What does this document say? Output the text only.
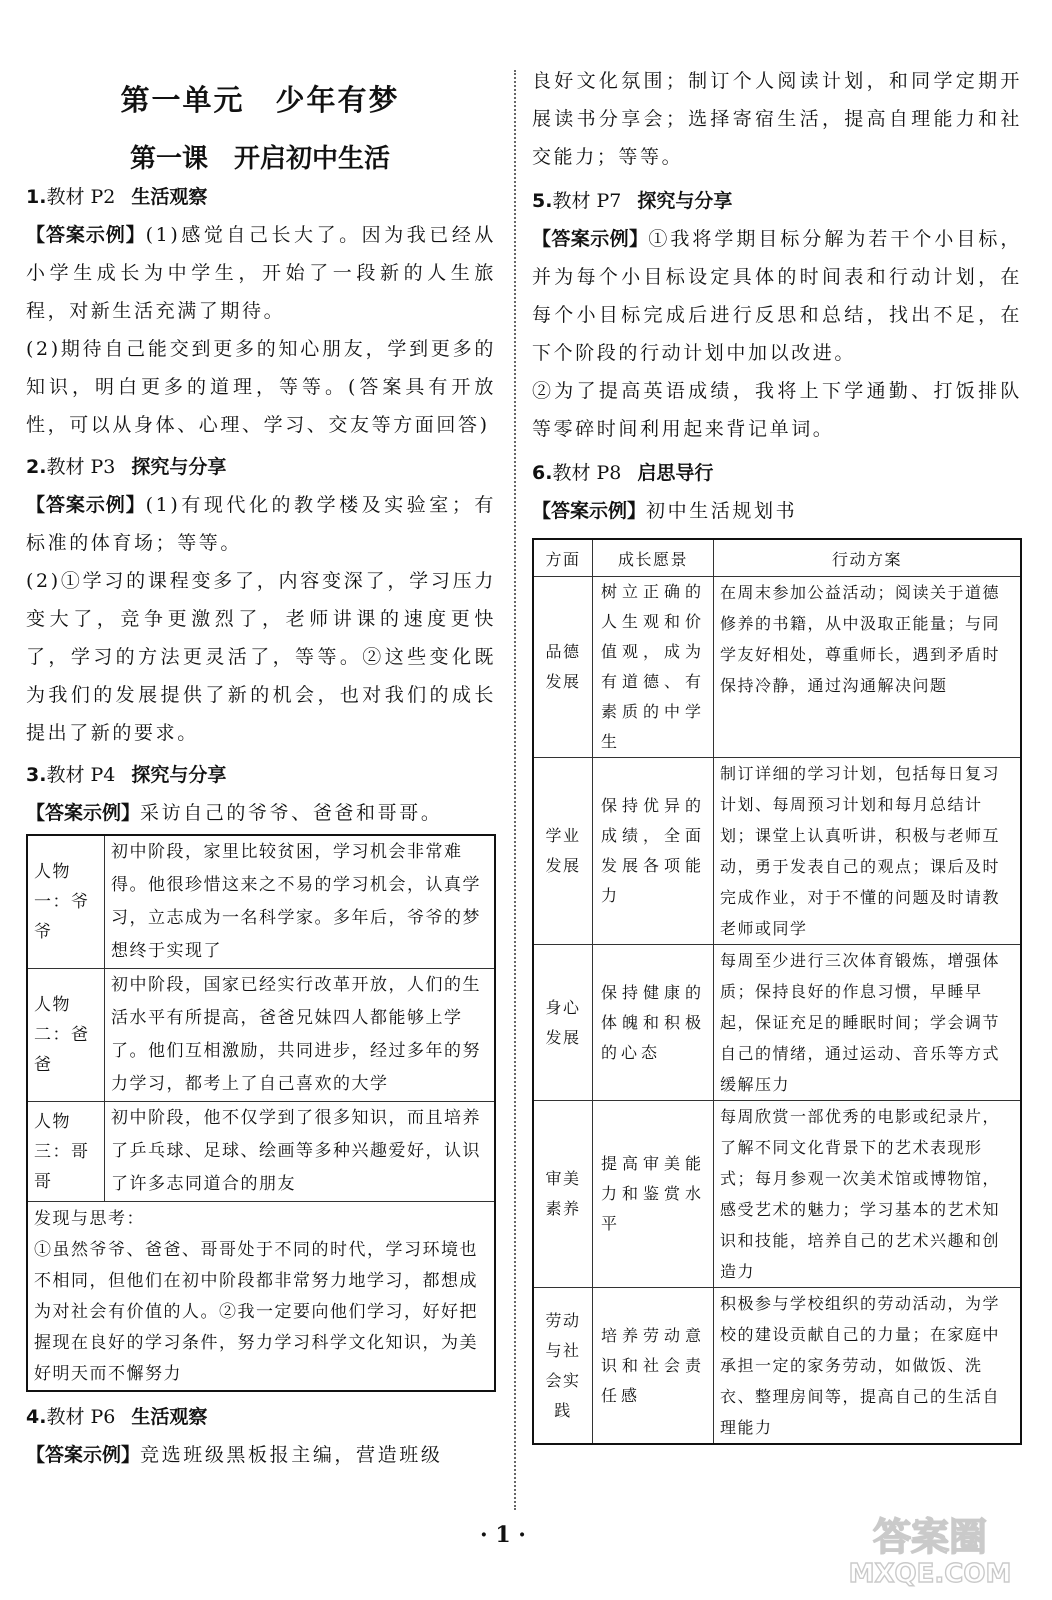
第一单元　少年有梦
第一课　开启初中生活
1.教材 P2 生活观察

【答案示例】(1)感觉自己长大了。因为我已经从小学生成长为中学生，开始了一段新的人生旅程，对新生活充满了期待。

(2)期待自己能交到更多的知心朋友，学到更多的知识，明白更多的道理，等等。(答案具有开放性，可以从身体、心理、学习、交友等方面回答)

2.教材 P3 探究与分享

【答案示例】(1)有现代化的教学楼及实验室；有标准的体育场；等等。

(2)①学习的课程变多了，内容变深了，学习压力变大了，竞争更激烈了，老师讲课的速度更快了，学习的方法更灵活了，等等。②这些变化既为我们的发展提供了新的机会，也对我们的成长提出了新的要求。

3.教材 P4 探究与分享

【答案示例】采访自己的爷爷、爸爸和哥哥。

人物一：爷爷	初中阶段，家里比较贫困，学习机会非常难得。他很珍惜这来之不易的学习机会，认真学习，立志成为一名科学家。多年后，爷爷的梦想终于实现了
人物二：爸爸	初中阶段，国家已经实行改革开放，人们的生活水平有所提高，爸爸兄妹四人都能够上学了。他们互相激励，共同进步，经过多年的努力学习，都考上了自己喜欢的大学
人物三：哥哥	初中阶段，他不仅学到了很多知识，而且培养了乒乓球、足球、绘画等多种兴趣爱好，认识了许多志同道合的朋友

发现与思考：
①虽然爷爷、爸爸、哥哥处于不同的时代，学习环境也不相同，但他们在初中阶段都非常努力地学习，都想成为对社会有价值的人。②我一定要向他们学习，好好把握现在良好的学习条件，努力学习科学文化知识，为美好明天而不懈努力	
4.教材 P6 生活观察

【答案示例】竞选班级黑板报主编，营造班级

良好文化氛围；制订个人阅读计划，和同学定期开展读书分享会；选择寄宿生活，提高自理能力和社交能力；等等。

5.教材 P7 探究与分享

【答案示例】①我将学期目标分解为若干个小目标，并为每个小目标设定具体的时间表和行动计划，在每个小目标完成后进行反思和总结，找出不足，在下个阶段的行动计划中加以改进。

②为了提高英语成绩，我将上下学通勤、打饭排队等零碎时间利用起来背记单词。

6.教材 P8 启思导行

【答案示例】初中生活规划书

方面	成长愿景	行动方案
品德发展	树立正确的人生观和价值观，成为有道德、有素质的中学生	在周末参加公益活动；阅读关于道德修养的书籍，从中汲取正能量；与同学友好相处，尊重师长，遇到矛盾时保持冷静，通过沟通解决问题
学业发展	保持优异的成绩，全面发展各项能力	制订详细的学习计划，包括每日复习计划、每周预习计划和每月总结计划；课堂上认真听讲，积极与老师互动，勇于发表自己的观点；课后及时完成作业，对于不懂的问题及时请教老师或同学
身心发展	保持健康的体魄和积极的心态	每周至少进行三次体育锻炼，增强体质；保持良好的作息习惯，早睡早起，保证充足的睡眠时间；学会调节自己的情绪，通过运动、音乐等方式缓解压力
审美素养	提高审美能力和鉴赏水平	每周欣赏一部优秀的电影或纪录片，了解不同文化背景下的艺术表现形式；每月参观一次美术馆或博物馆，感受艺术的魅力；学习基本的艺术知识和技能，培养自己的艺术兴趣和创造力
劳动与社会实践	培养劳动意识和社会责任感	积极参与学校组织的劳动活动，为学校的建设贡献自己的力量；在家庭中承担一定的家务劳动，如做饭、洗衣、整理房间等，提高自己的生活自理能力
· 1 ·	答案圈
MXQE.COM
